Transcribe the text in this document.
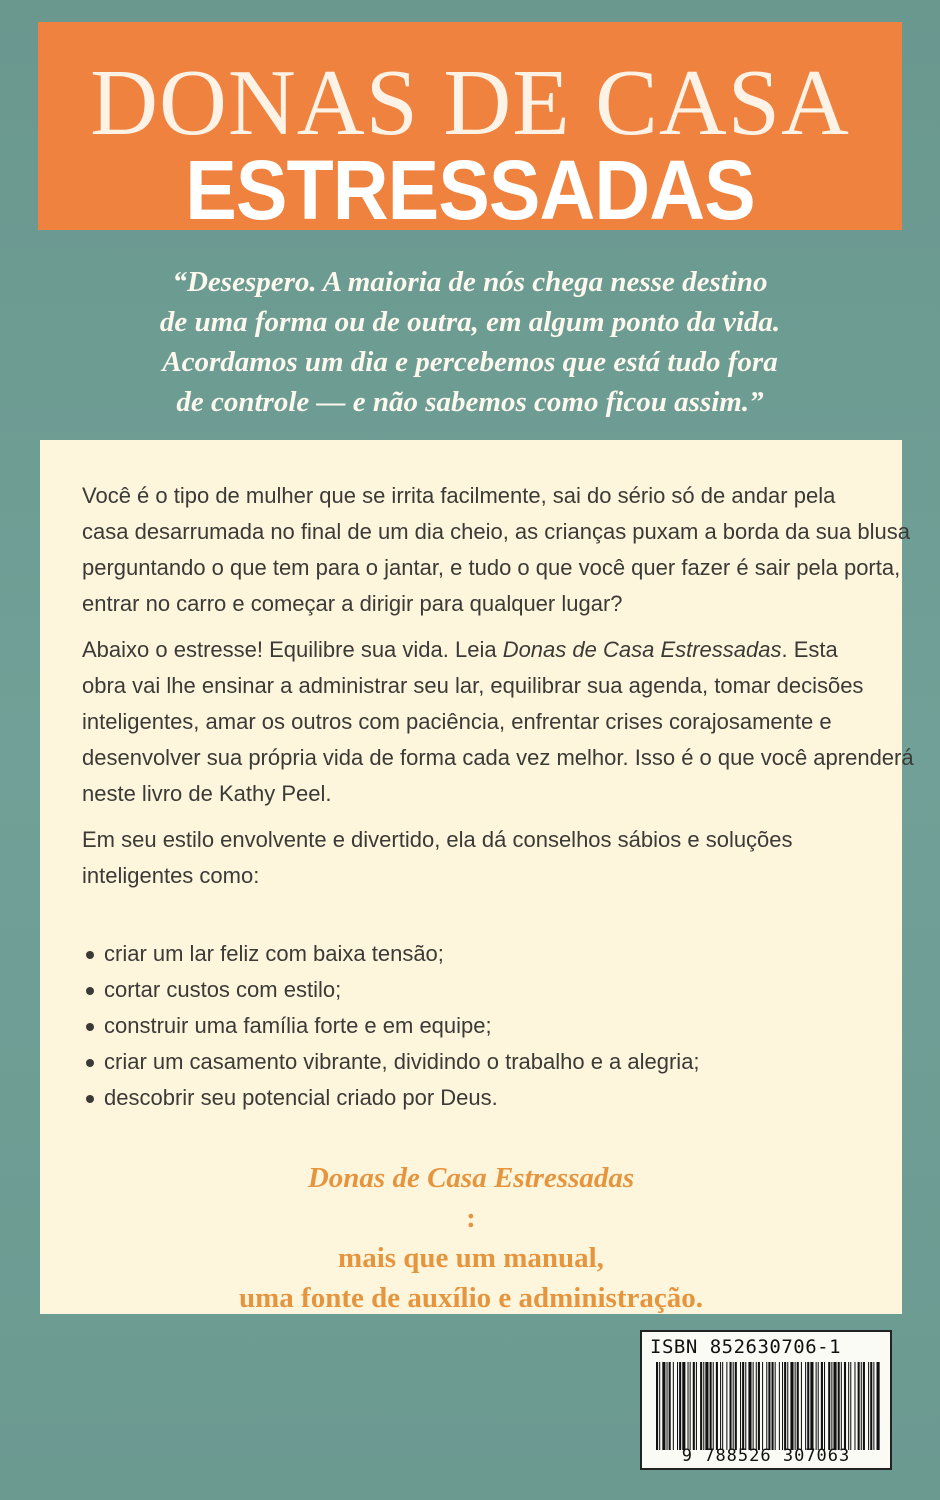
DONAS DE CASA
ESTRESSADAS
“Desespero. A maioria de nós chega nesse destino
de uma forma ou de outra, em algum ponto da vida.
Acordamos um dia e percebemos que está tudo fora
de controle — e não sabemos como ficou assim.”
Você é o tipo de mulher que se irrita facilmente, sai do sério só de andar pela
casa desarrumada no final de um dia cheio, as crianças puxam a borda da sua blusa
perguntando o que tem para o jantar, e tudo o que você quer fazer é sair pela porta,
entrar no carro e começar a dirigir para qualquer lugar?
Abaixo o estresse! Equilibre sua vida. Leia Donas de Casa Estressadas. Esta
obra vai lhe ensinar a administrar seu lar, equilibrar sua agenda, tomar decisões
inteligentes, amar os outros com paciência, enfrentar crises corajosamente e
desenvolver sua própria vida de forma cada vez melhor. Isso é o que você aprenderá
neste livro de Kathy Peel.
Em seu estilo envolvente e divertido, ela dá conselhos sábios e soluções
inteligentes como:
criar um lar feliz com baixa tensão;
cortar custos com estilo;
construir uma família forte e em equipe;
criar um casamento vibrante, dividindo o trabalho e a alegria;
descobrir seu potencial criado por Deus.
Donas de Casa Estressadas
:
mais que um manual,
uma fonte de auxílio e administração.
ISBN 852630706-1
9 788526 307063
